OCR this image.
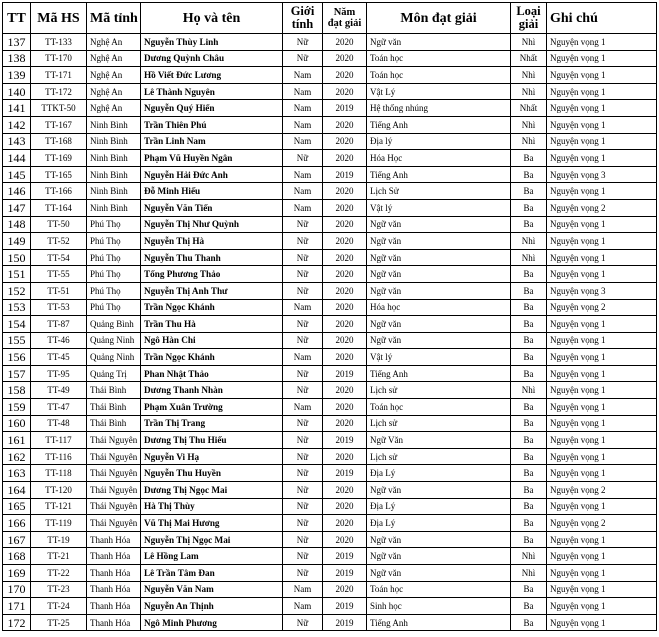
TT	Mã HS	Mã tỉnh	Họ và tên	Giới tính	Năm đạt giải	Môn đạt giải	Loại giải	Ghi chú
137	TT-133	Nghệ An	Nguyễn Thùy Linh	Nữ	2020	Ngữ văn	Nhì	Nguyện vọng 1
138	TT-170	Nghệ An	Dương Quỳnh Châu	Nữ	2020	Toán học	Nhất	Nguyện vọng 1
139	TT-171	Nghệ An	Hồ Viết Đức Lương	Nam	2020	Toán học	Nhì	Nguyện vọng 1
140	TT-172	Nghệ An	Lê Thành Nguyên	Nam	2020	Vật Lý	Nhì	Nguyện vọng 1
141	TTKT-50	Nghệ An	Nguyễn Quý Hiển	Nam	2019	Hệ thống nhúng	Nhất	Nguyện vọng 1
142	TT-167	Ninh Bình	Trần Thiên Phú	Nam	2020	Tiếng Anh	Nhì	Nguyện vọng 1
143	TT-168	Ninh Bình	Trần Linh Nam	Nam	2020	Địa lý	Nhì	Nguyện vọng 1
144	TT-169	Ninh Bình	Phạm Vũ Huyền Ngân	Nữ	2020	Hóa Học	Ba	Nguyện vọng 1
145	TT-165	Ninh Bình	Nguyễn Hải Đức Anh	Nam	2019	Tiếng Anh	Ba	Nguyện vọng 3
146	TT-166	Ninh Bình	Đỗ Minh Hiếu	Nam	2020	Lịch Sử	Ba	Nguyện vọng 1
147	TT-164	Ninh Bình	Nguyễn Văn Tiến	Nam	2020	Vật lý	Ba	Nguyện vọng 2
148	TT-50	Phú Thọ	Nguyễn Thị Như Quỳnh	Nữ	2020	Ngữ văn	Ba	Nguyện vọng 1
149	TT-52	Phú Thọ	Nguyễn Thị Hà	Nữ	2020	Ngữ văn	Nhì	Nguyện vọng 1
150	TT-54	Phú Thọ	Nguyễn Thu Thanh	Nữ	2020	Ngữ văn	Nhì	Nguyện vọng 1
151	TT-55	Phú Thọ	Tống Phương Thảo	Nữ	2020	Ngữ văn	Ba	Nguyện vọng 1
152	TT-51	Phú Thọ	Nguyễn Thị Anh Thư	Nữ	2020	Ngữ văn	Ba	Nguyện vọng 3
153	TT-53	Phú Thọ	Trần Ngọc Khánh	Nam	2020	Hóa học	Ba	Nguyện vọng 2
154	TT-87	Quảng Bình	Trần Thu Hà	Nữ	2020	Ngữ văn	Ba	Nguyện vọng 1
155	TT-46	Quảng Ninh	Ngô Hàn Chi	Nữ	2020	Ngữ văn	Ba	Nguyện vọng 1
156	TT-45	Quảng Ninh	Trần Ngọc Khánh	Nam	2020	Vật lý	Ba	Nguyện vọng 1
157	TT-95	Quảng Trị	Phan Nhật Thảo	Nữ	2019	Tiếng Anh	Ba	Nguyện vọng 1
158	TT-49	Thái Bình	Dương Thanh Nhàn	Nữ	2020	Lịch sử	Nhì	Nguyện vọng 1
159	TT-47	Thái Bình	Phạm Xuân Trường	Nam	2020	Toán học	Ba	Nguyện vọng 1
160	TT-48	Thái Bình	Trần Thị Trang	Nữ	2020	Lịch sử	Ba	Nguyện vọng 1
161	TT-117	Thái Nguyên	Dương Thị Thu Hiếu	Nữ	2019	Ngữ Văn	Ba	Nguyện vọng 1
162	TT-116	Thái Nguyên	Nguyễn Vi Hạ	Nữ	2020	Lịch sử	Ba	Nguyện vọng 1
163	TT-118	Thái Nguyên	Nguyễn Thu Huyền	Nữ	2019	Địa Lý	Ba	Nguyện vọng 1
164	TT-120	Thái Nguyên	Dương Thị Ngọc Mai	Nữ	2020	Ngữ văn	Ba	Nguyện vọng 2
165	TT-121	Thái Nguyên	Hà Thị Thùy	Nữ	2020	Địa Lý	Ba	Nguyện vọng 1
166	TT-119	Thái Nguyên	Vũ Thị Mai Hương	Nữ	2020	Địa Lý	Ba	Nguyện vọng 2
167	TT-19	Thanh Hóa	Nguyễn Thị Ngọc Mai	Nữ	2020	Ngữ văn	Ba	Nguyện vọng 1
168	TT-21	Thanh Hóa	Lê Hồng Lam	Nữ	2019	Ngữ văn	Nhì	Nguyện vọng 1
169	TT-22	Thanh Hóa	Lê Trần Tâm Đan	Nữ	2019	Ngữ văn	Nhì	Nguyện vọng 1
170	TT-23	Thanh Hóa	Nguyễn Văn Nam	Nam	2020	Toán học	Ba	Nguyện vọng 1
171	TT-24	Thanh Hóa	Nguyễn An Thịnh	Nam	2019	Sinh học	Ba	Nguyện vọng 1
172	TT-25	Thanh Hóa	Ngô Minh Phương	Nữ	2019	Tiếng Anh	Ba	Nguyện vọng 1
